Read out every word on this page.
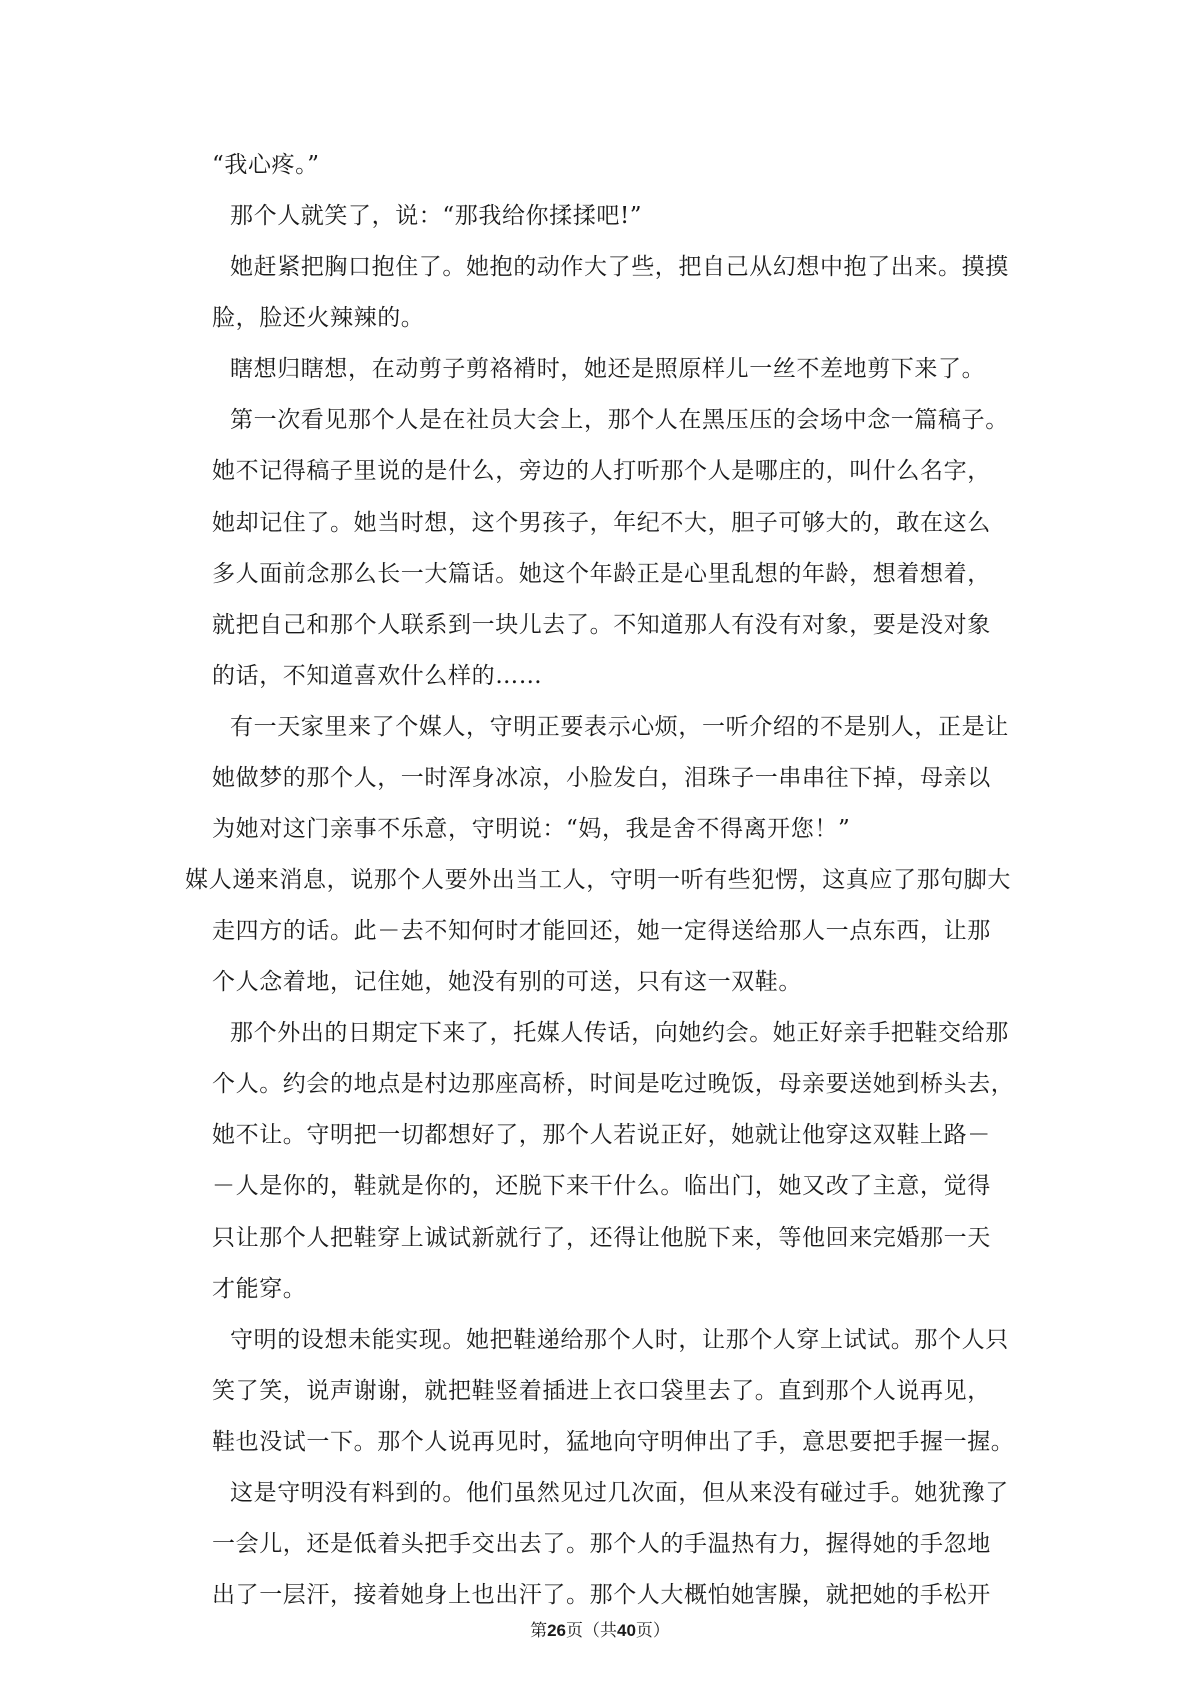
“我心疼。”
那个人就笑了，说：“那我给你揉揉吧!”
她赶紧把胸口抱住了。她抱的动作大了些，把自己从幻想中抱了出来。摸摸
脸，脸还火辣辣的。
瞎想归瞎想，在动剪子剪袼褙时，她还是照原样儿一丝不差地剪下来了。
第一次看见那个人是在社员大会上，那个人在黑压压的会场中念一篇稿子。
她不记得稿子里说的是什么，旁边的人打听那个人是哪庄的，叫什么名字，
她却记住了。她当时想，这个男孩子，年纪不大，胆子可够大的，敢在这么
多人面前念那么长一大篇话。她这个年龄正是心里乱想的年龄，想着想着，
就把自己和那个人联系到一块儿去了。不知道那人有没有对象，要是没对象
的话，不知道喜欢什么样的……
有一天家里来了个媒人，守明正要表示心烦，一听介绍的不是别人，正是让
她做梦的那个人，一时浑身冰凉，小脸发白，泪珠子一串串往下掉，母亲以
为她对这门亲事不乐意，守明说：“妈，我是舍不得离开您！”
媒人递来消息，说那个人要外出当工人，守明一听有些犯愣，这真应了那句脚大
走四方的话。此－去不知何时才能回还，她一定得送给那人一点东西，让那
个人念着地，记住她，她没有别的可送，只有这一双鞋。
那个外出的日期定下来了，托媒人传话，向她约会。她正好亲手把鞋交给那
个人。约会的地点是村边那座高桥，时间是吃过晚饭，母亲要送她到桥头去，
她不让。守明把一切都想好了，那个人若说正好，她就让他穿这双鞋上路－
－人是你的，鞋就是你的，还脱下来干什么。临出门，她又改了主意，觉得
只让那个人把鞋穿上诚试新就行了，还得让他脱下来，等他回来完婚那一天
才能穿。
守明的设想未能实现。她把鞋递给那个人时，让那个人穿上试试。那个人只
笑了笑，说声谢谢，就把鞋竖着插进上衣口袋里去了。直到那个人说再见，
鞋也没试一下。那个人说再见时，猛地向守明伸出了手，意思要把手握一握。
这是守明没有料到的。他们虽然见过几次面，但从来没有碰过手。她犹豫了
一会儿，还是低着头把手交出去了。那个人的手温热有力，握得她的手忽地
出了一层汗，接着她身上也出汗了。那个人大概怕她害臊，就把她的手松开
第26页（共40页）
